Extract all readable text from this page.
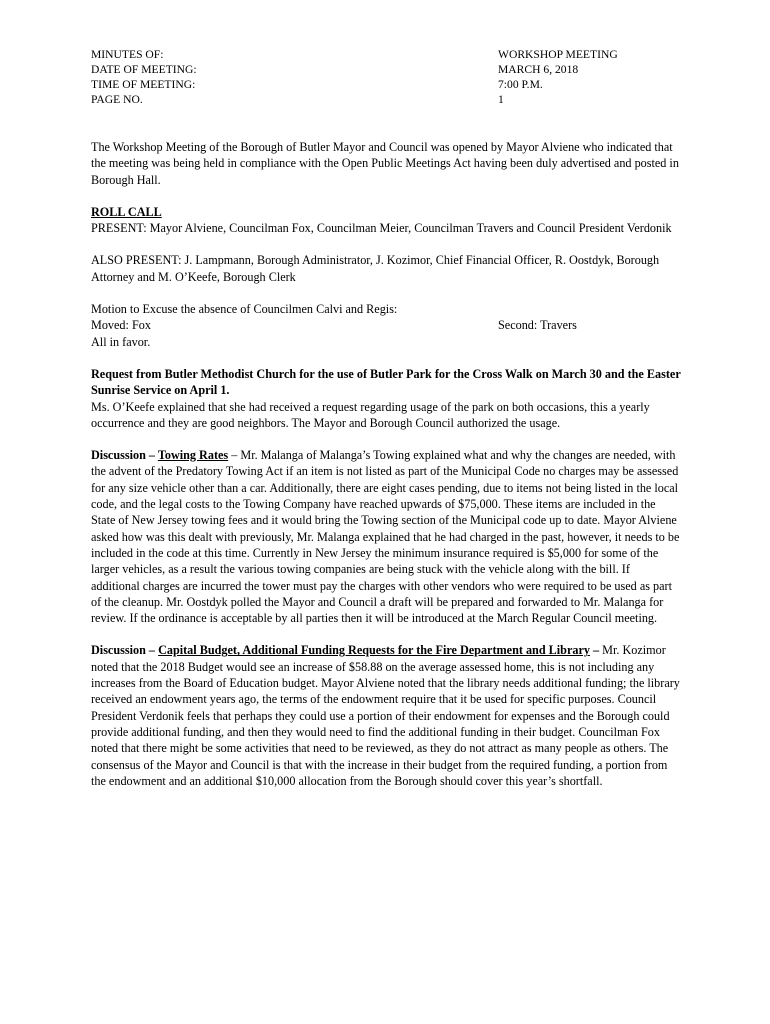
MINUTES OF:	WORKSHOP MEETING
DATE OF MEETING:	MARCH 6, 2018
TIME OF MEETING:	7:00 P.M.
PAGE NO.	1

The Workshop Meeting of the Borough of Butler Mayor and Council was opened by Mayor Alviene who indicated that the meeting was being held in compliance with the Open Public Meetings Act having been duly advertised and posted in Borough Hall.

ROLL CALL

PRESENT: Mayor Alviene, Councilman Fox, Councilman Meier, Councilman Travers and Council President Verdonik

ALSO PRESENT: J. Lampmann, Borough Administrator, J. Kozimor, Chief Financial Officer, R. Oostdyk, Borough Attorney and M. O’Keefe, Borough Clerk

Motion to Excuse the absence of Councilmen Calvi and Regis:
Moved: Fox	Second: Travers

All in favor.

Request from Butler Methodist Church for the use of Butler Park for the Cross Walk on March 30 and the Easter Sunrise Service on April 1.

Ms. O’Keefe explained that she had received a request regarding usage of the park on both occasions, this a yearly occurrence and they are good neighbors. The Mayor and Borough Council authorized the usage.

Discussion – Towing Rates – Mr. Malanga of Malanga’s Towing explained what and why the changes are needed, with the advent of the Predatory Towing Act if an item is not listed as part of the Municipal Code no charges may be assessed for any size vehicle other than a car. Additionally, there are eight cases pending, due to items not being listed in the local code, and the legal costs to the Towing Company have reached upwards of $75,000. These items are included in the State of New Jersey towing fees and it would bring the Towing section of the Municipal code up to date. Mayor Alviene asked how was this dealt with previously, Mr. Malanga explained that he had charged in the past, however, it needs to be included in the code at this time. Currently in New Jersey the minimum insurance required is $5,000 for some of the larger vehicles, as a result the various towing companies are being stuck with the vehicle along with the bill. If additional charges are incurred the tower must pay the charges with other vendors who were required to be used as part of the cleanup. Mr. Oostdyk polled the Mayor and Council a draft will be prepared and forwarded to Mr. Malanga for review. If the ordinance is acceptable by all parties then it will be introduced at the March Regular Council meeting.

Discussion – Capital Budget, Additional Funding Requests for the Fire Department and Library – Mr. Kozimor noted that the 2018 Budget would see an increase of $58.88 on the average assessed home, this is not including any increases from the Board of Education budget. Mayor Alviene noted that the library needs additional funding; the library received an endowment years ago, the terms of the endowment require that it be used for specific purposes. Council President Verdonik feels that perhaps they could use a portion of their endowment for expenses and the Borough could provide additional funding, and then they would need to find the additional funding in their budget. Councilman Fox noted that there might be some activities that need to be reviewed, as they do not attract as many people as others. The consensus of the Mayor and Council is that with the increase in their budget from the required funding, a portion from the endowment and an additional $10,000 allocation from the Borough should cover this year’s shortfall.
